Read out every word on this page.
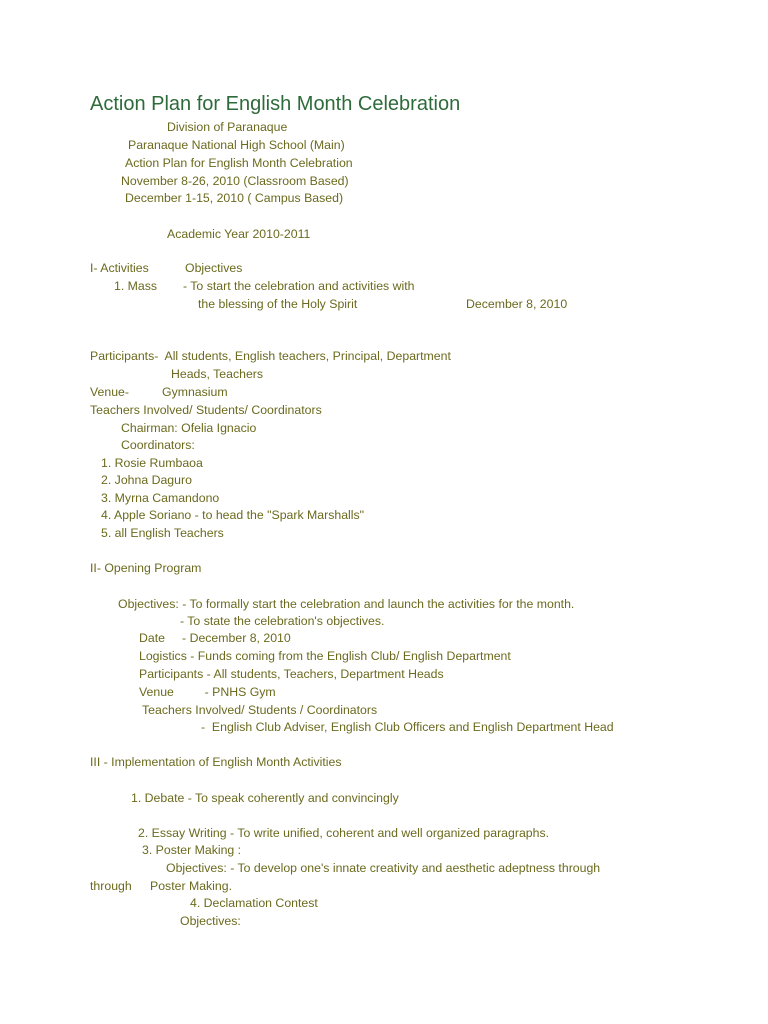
Action Plan for English Month Celebration
Division of Paranaque
Paranaque National High School (Main)
Action Plan for English Month Celebration
November 8-26, 2010 (Classroom Based)
December 1-15, 2010 ( Campus Based)
Academic Year 2010-2011
I- Activities	Objectives
1. Mass - To start the celebration and activities with
the blessing of the Holy Spirit	December 8, 2010
Participants-  All students, English teachers, Principal, Department
Heads, Teachers
Venue-	Gymnasium
Teachers Involved/ Students/ Coordinators
Chairman: Ofelia Ignacio
Coordinators:
1. Rosie Rumbaoa
2. Johna Daguro
3. Myrna Camandono
4. Apple Soriano - to head the "Spark Marshalls"
5. all English Teachers
II- Opening Program
Objectives: - To formally start the celebration and launch the activities for the month.
- To state the celebration's objectives.
Date     - December 8, 2010
Logistics - Funds coming from the English Club/ English Department
Participants - All students, Teachers, Department Heads
Venue         - PNHS Gym
Teachers Involved/ Students / Coordinators
-  English Club Adviser, English Club Officers and English Department Head
III - Implementation of English Month Activities
1. Debate - To speak coherently and convincingly
2. Essay Writing - To write unified, coherent and well organized paragraphs.
3. Poster Making :
Objectives: - To develop one's innate creativity and aesthetic adeptness through
through Poster Making.
4. Declamation Contest
Objectives:
